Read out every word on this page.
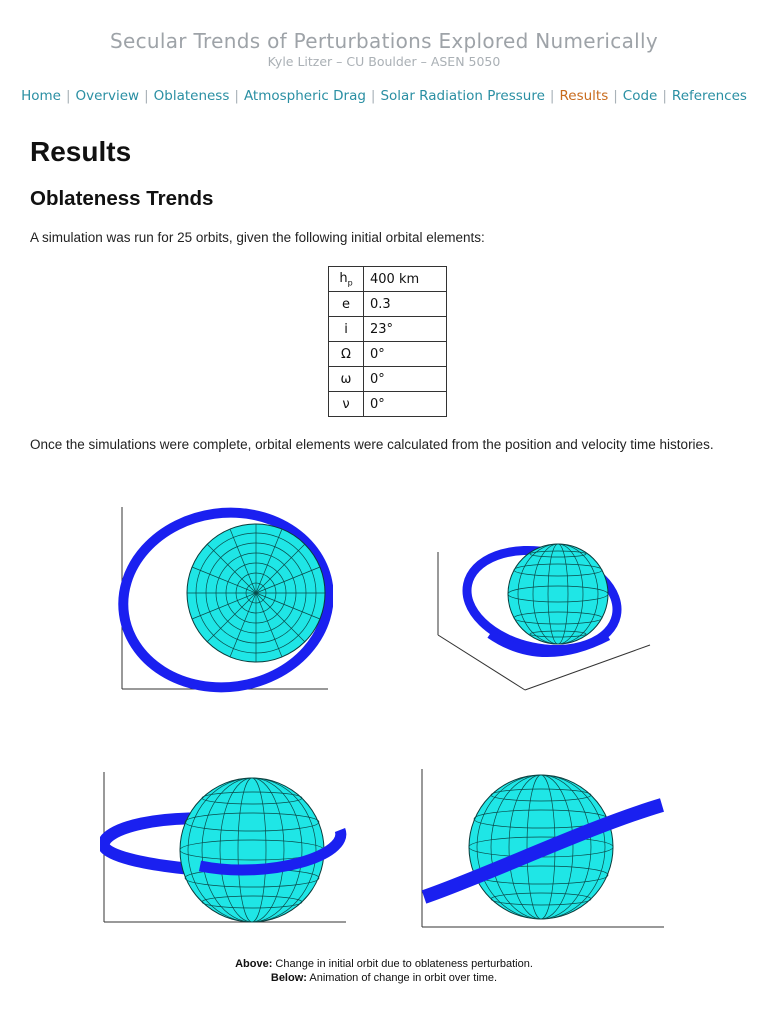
Secular Trends of Perturbations Explored Numerically
Kyle Litzer – CU Boulder – ASEN 5050
Home | Overview | Oblateness | Atmospheric Drag | Solar Radiation Pressure | Results | Code | References
Results
Oblateness Trends

A simulation was run for 25 orbits, given the following initial orbital elements:

$h_p$	400 km
e	0.3
i	23°
Ω	0°
ω	0°
ν	0°

Once the simulations were complete, orbital elements were calculated from the position and velocity time histories.

Above: Change in initial orbit due to oblateness perturbation.
Below: Animation of change in orbit over time.
